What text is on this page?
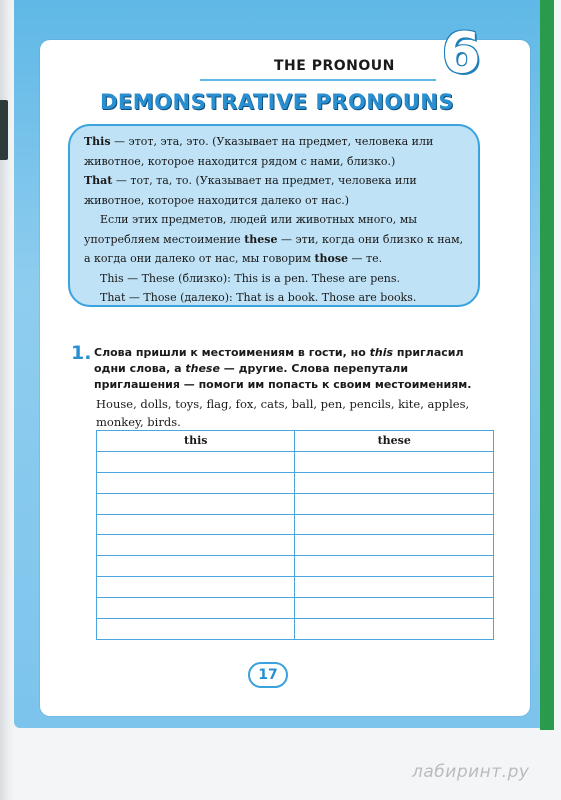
THE PRONOUN 6
DEMONSTRATIVE PRONOUNS

This — этот, эта, это. (Указывает на предмет, человека или животное, которое находится рядом с нами, близко.)

That — тот, та, то. (Указывает на предмет, человека или животное, которое находится далеко от нас.)

Если этих предметов, людей или животных много, мы употребляем местоимение these — эти, когда они близко к нам, а когда они далеко от нас, мы говорим those — те.

This — These (близко): This is a pen. These are pens.

That — Those (далеко): That is a book. Those are books.

1. Слова пришли к местоимениям в гости, но this пригласил одни слова, а these — другие. Слова перепутали приглашения — помоги им попасть к своим местоимениям.
House, dolls, toys, flag, fox, cats, ball, pen, pencils, kite, apples, monkey, birds.
this	these

17
лабиринт.ру
